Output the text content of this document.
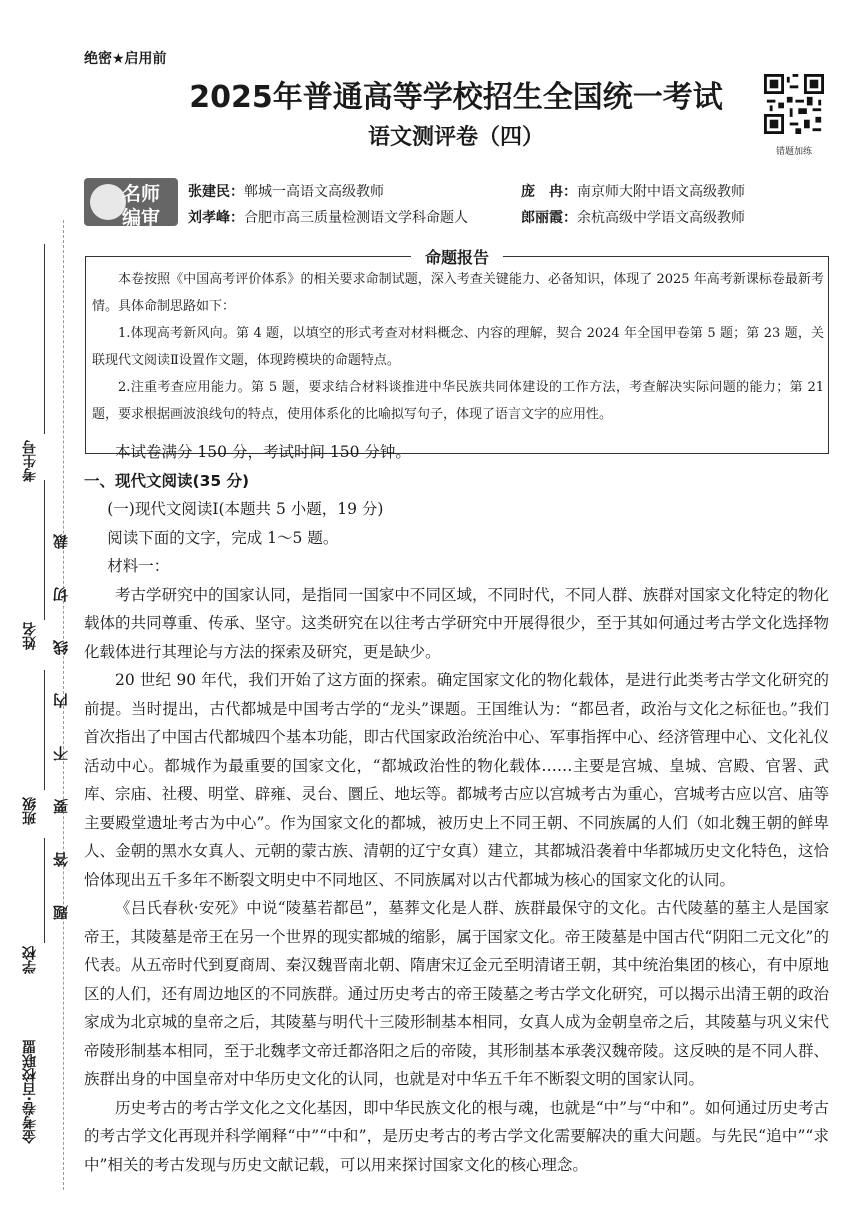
题答要不内线切裁
考生号
姓名
班级
学校
金考卷·百校联盟
绝密★启用前
2025年普通高等学校招生全国统一考试
语文测评卷（四）
错题加练
名师
编审
张建民：郸城一高语文高级教师	庞　冉：南京师大附中语文高级教师
刘孝峰：合肥市高三质量检测语文学科命题人	郎丽霞：余杭高级中学语文高级教师
命题报告

本卷按照《中国高考评价体系》的相关要求命制试题，深入考查关键能力、必备知识，体现了 2025 年高考新课标卷最新考情。具体命制思路如下：

1.体现高考新风向。第 4 题，以填空的形式考查对材料概念、内容的理解，契合 2024 年全国甲卷第 5 题；第 23 题，关联现代文阅读Ⅱ设置作文题，体现跨模块的命题特点。

2.注重考查应用能力。第 5 题，要求结合材料谈推进中华民族共同体建设的工作方法，考查解决实际问题的能力；第 21 题，要求根据画波浪线句的特点，使用体系化的比喻拟写句子，体现了语言文字的应用性。

本试卷满分 150 分，考试时间 150 分钟。

一、现代文阅读(35 分)

(一)现代文阅读Ⅰ(本题共 5 小题，19 分)

阅读下面的文字，完成 1～5 题。

材料一：

考古学研究中的国家认同，是指同一国家中不同区域，不同时代，不同人群、族群对国家文化特定的物化载体的共同尊重、传承、坚守。这类研究在以往考古学研究中开展得很少，至于其如何通过考古学文化选择物化载体进行其理论与方法的探索及研究，更是缺少。

20 世纪 90 年代，我们开始了这方面的探索。确定国家文化的物化载体，是进行此类考古学文化研究的前提。当时提出，古代都城是中国考古学的“龙头”课题。王国维认为：“都邑者，政治与文化之标征也。”我们首次指出了中国古代都城四个基本功能，即古代国家政治统治中心、军事指挥中心、经济管理中心、文化礼仪活动中心。都城作为最重要的国家文化，“都城政治性的物化载体……主要是宫城、皇城、宫殿、官署、武库、宗庙、社稷、明堂、辟雍、灵台、圜丘、地坛等。都城考古应以宫城考古为重心，宫城考古应以宫、庙等主要殿堂遗址考古为中心”。作为国家文化的都城，被历史上不同王朝、不同族属的人们（如北魏王朝的鲜卑人、金朝的黑水女真人、元朝的蒙古族、清朝的辽宁女真）建立，其都城沿袭着中华都城历史文化特色，这恰恰体现出五千多年不断裂文明史中不同地区、不同族属对以古代都城为核心的国家文化的认同。

《吕氏春秋·安死》中说“陵墓若都邑”，墓葬文化是人群、族群最保守的文化。古代陵墓的墓主人是国家帝王，其陵墓是帝王在另一个世界的现实都城的缩影，属于国家文化。帝王陵墓是中国古代“阴阳二元文化”的代表。从五帝时代到夏商周、秦汉魏晋南北朝、隋唐宋辽金元至明清诸王朝，其中统治集团的核心，有中原地区的人们，还有周边地区的不同族群。通过历史考古的帝王陵墓之考古学文化研究，可以揭示出清王朝的政治家成为北京城的皇帝之后，其陵墓与明代十三陵形制基本相同，女真人成为金朝皇帝之后，其陵墓与巩义宋代帝陵形制基本相同，至于北魏孝文帝迁都洛阳之后的帝陵，其形制基本承袭汉魏帝陵。这反映的是不同人群、族群出身的中国皇帝对中华历史文化的认同，也就是对中华五千年不断裂文明的国家认同。

历史考古的考古学文化之文化基因，即中华民族文化的根与魂，也就是“中”与“中和”。如何通过历史考古的考古学文化再现并科学阐释“中”“中和”，是历史考古的考古学文化需要解决的重大问题。与先民“追中”“求中”相关的考古发现与历史文献记载，可以用来探讨国家文化的核心理念。
